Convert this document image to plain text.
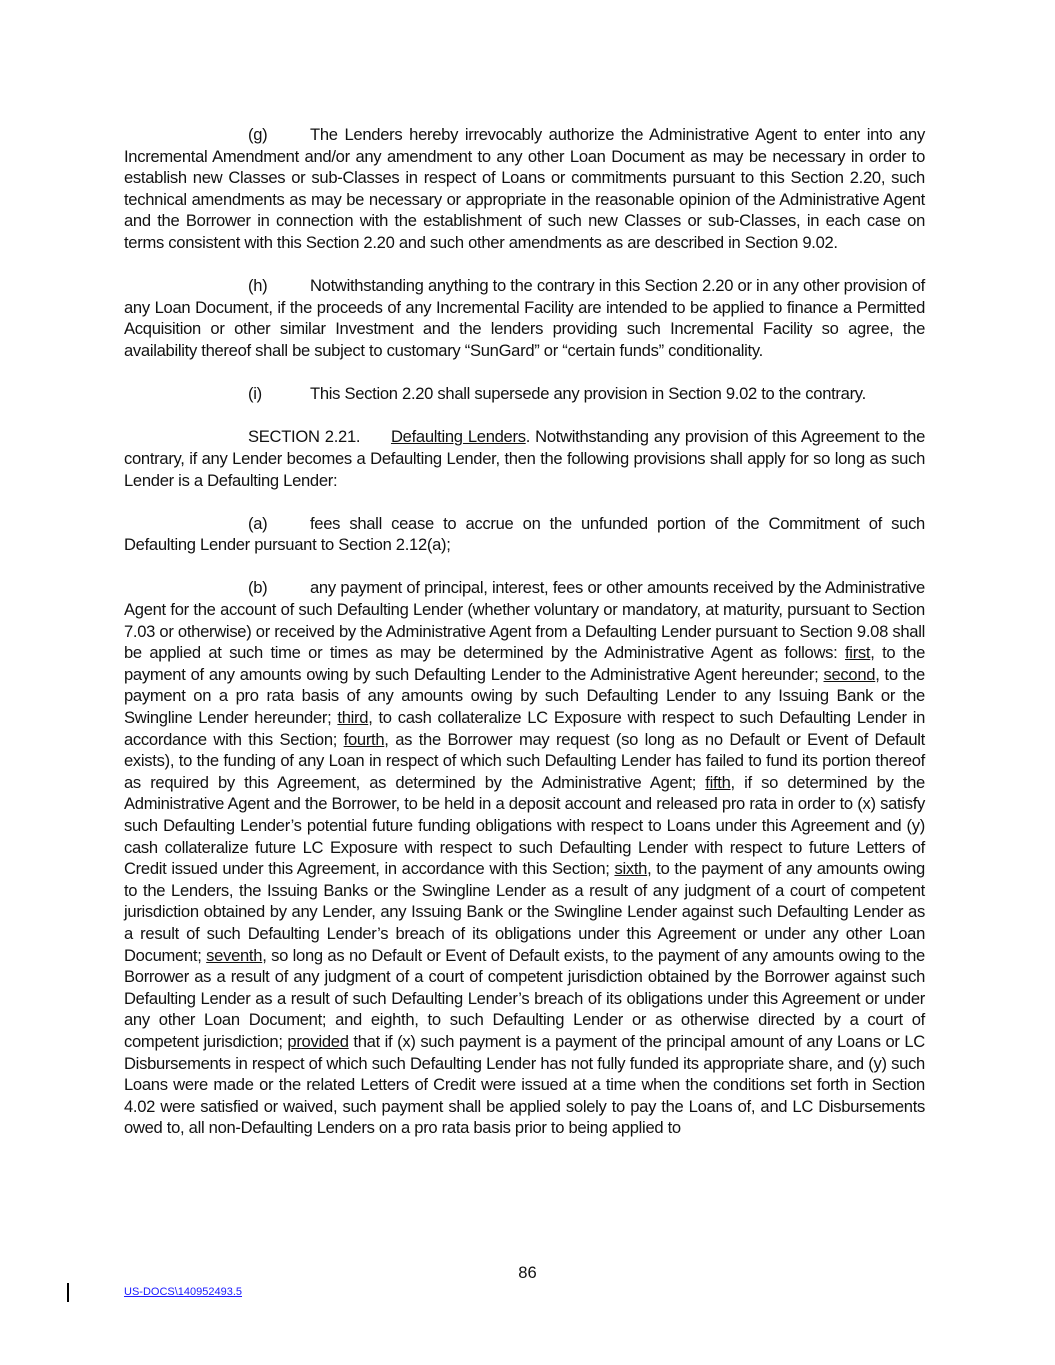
(g)	The Lenders hereby irrevocably authorize the Administrative Agent to enter into any Incremental Amendment and/or any amendment to any other Loan Document as may be necessary in order to establish new Classes or sub-Classes in respect of Loans or commitments pursuant to this Section 2.20, such technical amendments as may be necessary or appropriate in the reasonable opinion of the Administrative Agent and the Borrower in connection with the establishment of such new Classes or sub-Classes, in each case on terms consistent with this Section 2.20 and such other amendments as are described in Section 9.02.

(h)	Notwithstanding anything to the contrary in this Section 2.20 or in any other provision of any Loan Document, if the proceeds of any Incremental Facility are intended to be applied to finance a Permitted Acquisition or other similar Investment and the lenders providing such Incremental Facility so agree, the availability thereof shall be subject to customary “SunGard” or “certain funds” conditionality.

(i)	This Section 2.20 shall supersede any provision in Section 9.02 to the contrary.

SECTION 2.21. Defaulting Lenders. Notwithstanding any provision of this Agreement to the contrary, if any Lender becomes a Defaulting Lender, then the following provisions shall apply for so long as such Lender is a Defaulting Lender:

(a)	fees shall cease to accrue on the unfunded portion of the Commitment of such Defaulting Lender pursuant to Section 2.12(a);

(b)	any payment of principal, interest, fees or other amounts received by the Administrative Agent for the account of such Defaulting Lender (whether voluntary or mandatory, at maturity, pursuant to Section 7.03 or otherwise) or received by the Administrative Agent from a Defaulting Lender pursuant to Section 9.08 shall be applied at such time or times as may be determined by the Administrative Agent as follows: first, to the payment of any amounts owing by such Defaulting Lender to the Administrative Agent hereunder; second, to the payment on a pro rata basis of any amounts owing by such Defaulting Lender to any Issuing Bank or the Swingline Lender hereunder; third, to cash collateralize LC Exposure with respect to such Defaulting Lender in accordance with this Section; fourth, as the Borrower may request (so long as no Default or Event of Default exists), to the funding of any Loan in respect of which such Defaulting Lender has failed to fund its portion thereof as required by this Agreement, as determined by the Administrative Agent; fifth, if so determined by the Administrative Agent and the Borrower, to be held in a deposit account and released pro rata in order to (x) satisfy such Defaulting Lender’s potential future funding obligations with respect to Loans under this Agreement and (y) cash collateralize future LC Exposure with respect to such Defaulting Lender with respect to future Letters of Credit issued under this Agreement, in accordance with this Section; sixth, to the payment of any amounts owing to the Lenders, the Issuing Banks or the Swingline Lender as a result of any judgment of a court of competent jurisdiction obtained by any Lender, any Issuing Bank or the Swingline Lender against such Defaulting Lender as a result of such Defaulting Lender’s breach of its obligations under this Agreement or under any other Loan Document; seventh, so long as no Default or Event of Default exists, to the payment of any amounts owing to the Borrower as a result of any judgment of a court of competent jurisdiction obtained by the Borrower against such Defaulting Lender as a result of such Defaulting Lender’s breach of its obligations under this Agreement or under any other Loan Document; and eighth, to such Defaulting Lender or as otherwise directed by a court of competent jurisdiction; provided that if (x) such payment is a payment of the principal amount of any Loans or LC Disbursements in respect of which such Defaulting Lender has not fully funded its appropriate share, and (y) such Loans were made or the related Letters of Credit were issued at a time when the conditions set forth in Section 4.02 were satisfied or waived, such payment shall be applied solely to pay the Loans of, and LC Disbursements owed to, all non-Defaulting Lenders on a pro rata basis prior to being applied to

86
US-DOCS\140952493.5
